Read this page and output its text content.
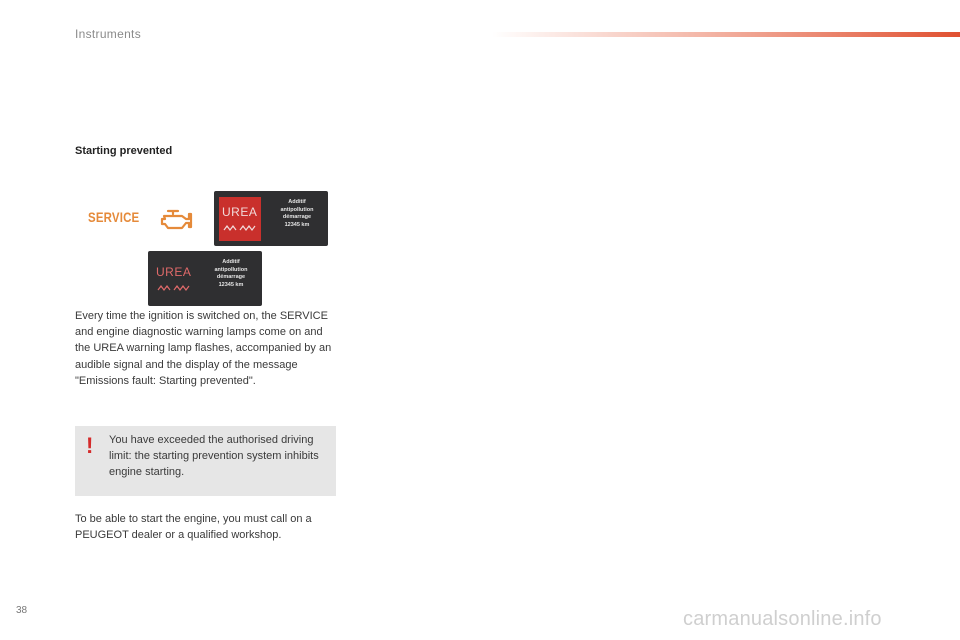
Instruments
Starting prevented
SERVICE	UREA
Additif
antipollution
démarrage
12345 km
UREA
Additif
antipollution
démarrage
12345 km

Every time the ignition is switched on, the SERVICE and engine diagnostic warning lamps come on and the UREA warning lamp flashes, accompanied by an audible signal and the display of the message "Emissions fault: Starting prevented".

! You have exceeded the authorised driving limit: the starting prevention system inhibits engine starting.

To be able to start the engine, you must call on a PEUGEOT dealer or a qualified workshop.

38	carmanualsonline.info
